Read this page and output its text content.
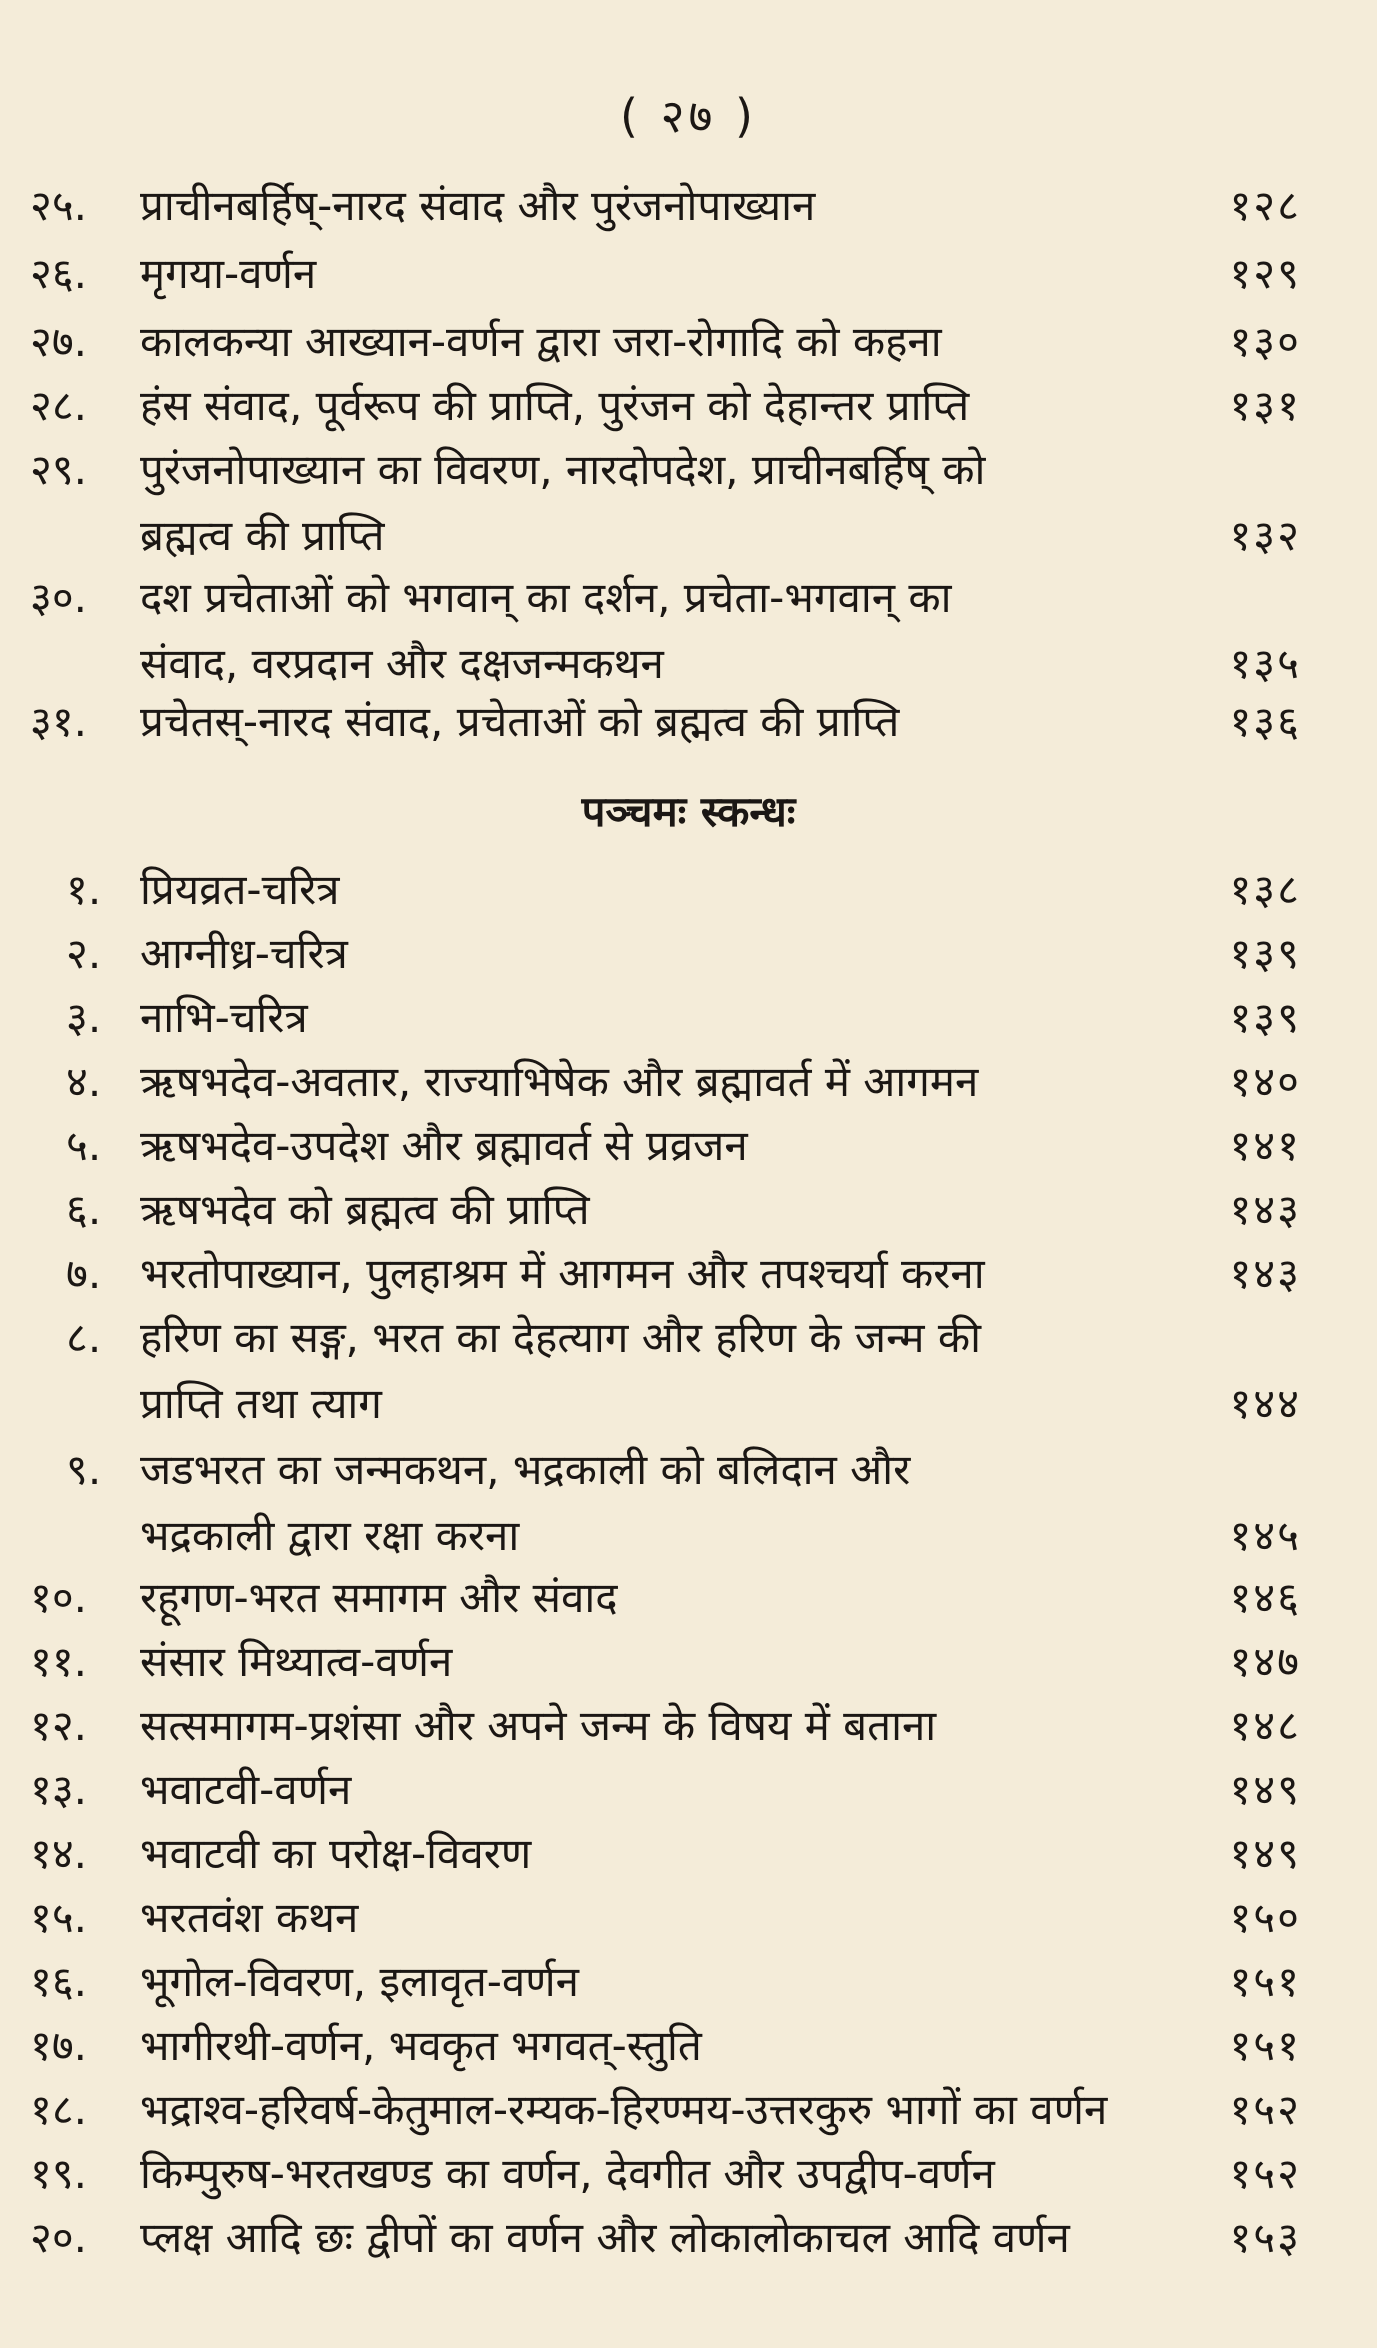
( २७ )
२५. प्राचीनबर्हिष्-नारद संवाद और पुरंजनोपाख्यान	१२८
२६. मृगया-वर्णन	१२९
२७. कालकन्या आख्यान-वर्णन द्वारा जरा-रोगादि को कहना	१३०
२८. हंस संवाद, पूर्वरूप की प्राप्ति, पुरंजन को देहान्तर प्राप्ति	१३१
२९. पुरंजनोपाख्यान का विवरण, नारदोपदेश, प्राचीनबर्हिष् को
ब्रह्मत्व की प्राप्ति	१३२
३०. दश प्रचेताओं को भगवान् का दर्शन, प्रचेता-भगवान् का
संवाद, वरप्रदान और दक्षजन्मकथन	१३५
३१. प्रचेतस्-नारद संवाद, प्रचेताओं को ब्रह्मत्व की प्राप्ति	१३६
पञ्चमः स्कन्धः
१. प्रियव्रत-चरित्र	१३८
२. आग्नीध्र-चरित्र	१३९
३. नाभि-चरित्र	१३९
४. ऋषभदेव-अवतार, राज्याभिषेक और ब्रह्मावर्त में आगमन	१४०
५. ऋषभदेव-उपदेश और ब्रह्मावर्त से प्रव्रजन	१४१
६. ऋषभदेव को ब्रह्मत्व की प्राप्ति	१४३
७. भरतोपाख्यान, पुलहाश्रम में आगमन और तपश्चर्या करना	१४३
८. हरिण का सङ्ग, भरत का देहत्याग और हरिण के जन्म की
प्राप्ति तथा त्याग	१४४
९. जडभरत का जन्मकथन, भद्रकाली को बलिदान और
भद्रकाली द्वारा रक्षा करना	१४५
१०. रहूगण-भरत समागम और संवाद	१४६
११. संसार मिथ्यात्व-वर्णन	१४७
१२. सत्समागम-प्रशंसा और अपने जन्म के विषय में बताना	१४८
१३. भवाटवी-वर्णन	१४९
१४. भवाटवी का परोक्ष-विवरण	१४९
१५. भरतवंश कथन	१५०
१६. भूगोल-विवरण, इलावृत-वर्णन	१५१
१७. भागीरथी-वर्णन, भवकृत भगवत्-स्तुति	१५१
१८. भद्राश्व-हरिवर्ष-केतुमाल-रम्यक-हिरण्मय-उत्तरकुरु भागों का वर्णन	१५२
१९. किम्पुरुष-भरतखण्ड का वर्णन, देवगीत और उपद्वीप-वर्णन	१५२
२०. प्लक्ष आदि छः द्वीपों का वर्णन और लोकालोकाचल आदि वर्णन	१५३
